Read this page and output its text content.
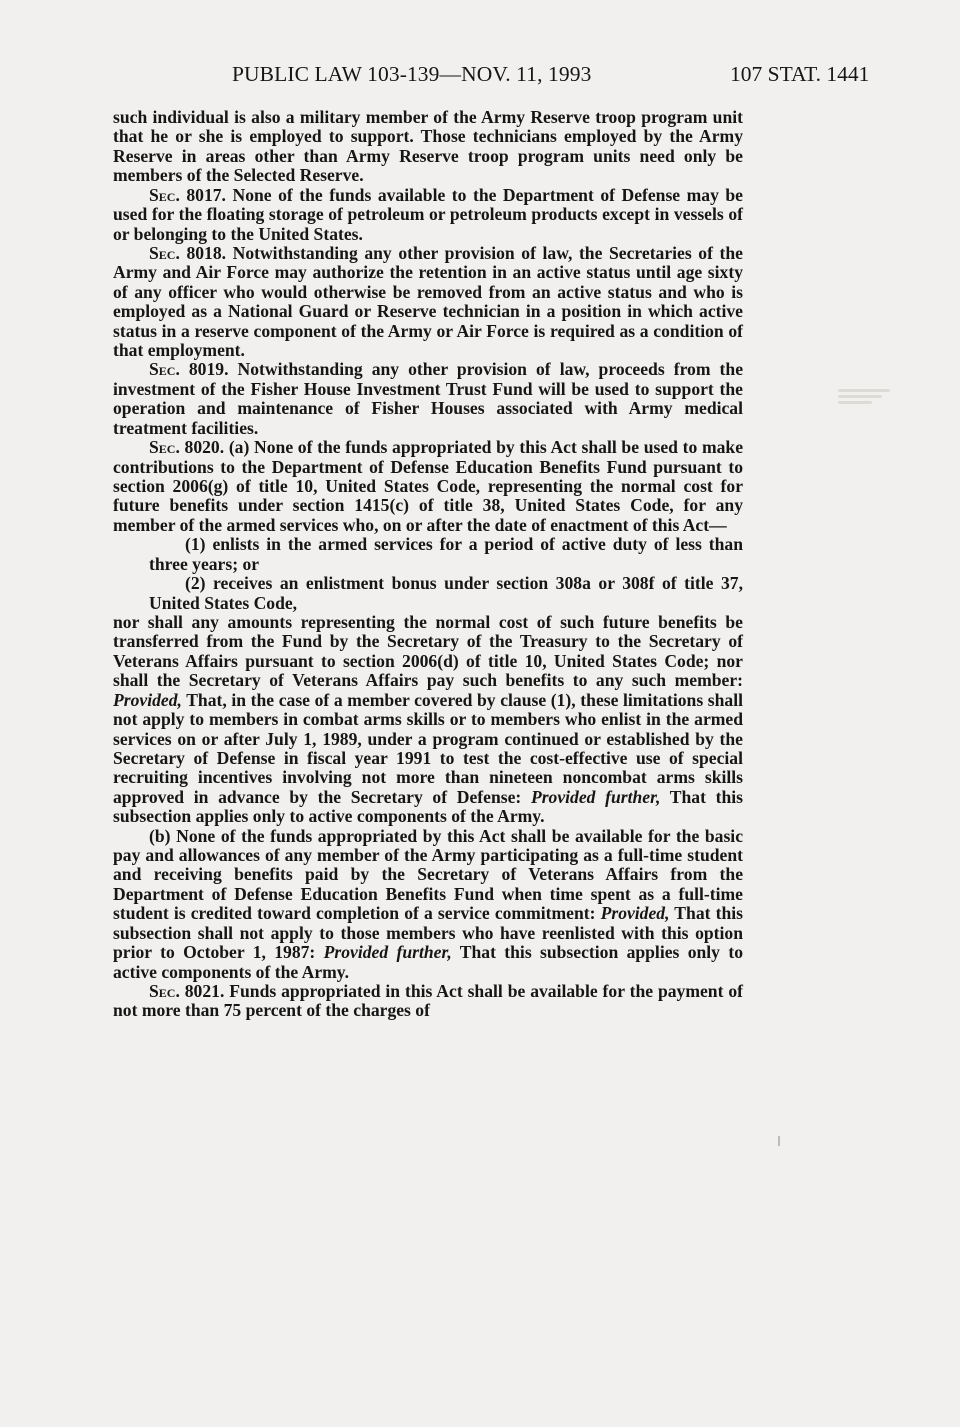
PUBLIC LAW 103-139—NOV. 11, 1993	107 STAT. 1441

such individual is also a military member of the Army Reserve troop program unit that he or she is employed to support. Those technicians employed by the Army Reserve in areas other than Army Reserve troop program units need only be members of the Selected Reserve.

Sec. 8017. None of the funds available to the Department of Defense may be used for the floating storage of petroleum or petroleum products except in vessels of or belonging to the United States.

Sec. 8018. Notwithstanding any other provision of law, the Secretaries of the Army and Air Force may authorize the retention in an active status until age sixty of any officer who would otherwise be removed from an active status and who is employed as a National Guard or Reserve technician in a position in which active status in a reserve component of the Army or Air Force is required as a condition of that employment.

Sec. 8019. Notwithstanding any other provision of law, proceeds from the investment of the Fisher House Investment Trust Fund will be used to support the operation and maintenance of Fisher Houses associated with Army medical treatment facilities.

Sec. 8020. (a) None of the funds appropriated by this Act shall be used to make contributions to the Department of Defense Education Benefits Fund pursuant to section 2006(g) of title 10, United States Code, representing the normal cost for future benefits under section 1415(c) of title 38, United States Code, for any member of the armed services who, on or after the date of enactment of this Act—

(1) enlists in the armed services for a period of active duty of less than three years; or

(2) receives an enlistment bonus under section 308a or 308f of title 37, United States Code,

nor shall any amounts representing the normal cost of such future benefits be transferred from the Fund by the Secretary of the Treasury to the Secretary of Veterans Affairs pursuant to section 2006(d) of title 10, United States Code; nor shall the Secretary of Veterans Affairs pay such benefits to any such member: Provided, That, in the case of a member covered by clause (1), these limitations shall not apply to members in combat arms skills or to members who enlist in the armed services on or after July 1, 1989, under a program continued or established by the Secretary of Defense in fiscal year 1991 to test the cost-effective use of special recruiting incentives involving not more than nineteen noncombat arms skills approved in advance by the Secretary of Defense: Provided further, That this subsection applies only to active components of the Army.

(b) None of the funds appropriated by this Act shall be available for the basic pay and allowances of any member of the Army participating as a full-time student and receiving benefits paid by the Secretary of Veterans Affairs from the Department of Defense Education Benefits Fund when time spent as a full-time student is credited toward completion of a service commitment: Provided, That this subsection shall not apply to those members who have reenlisted with this option prior to October 1, 1987: Provided further, That this subsection applies only to active components of the Army.

Sec. 8021. Funds appropriated in this Act shall be available for the payment of not more than 75 percent of the charges of
